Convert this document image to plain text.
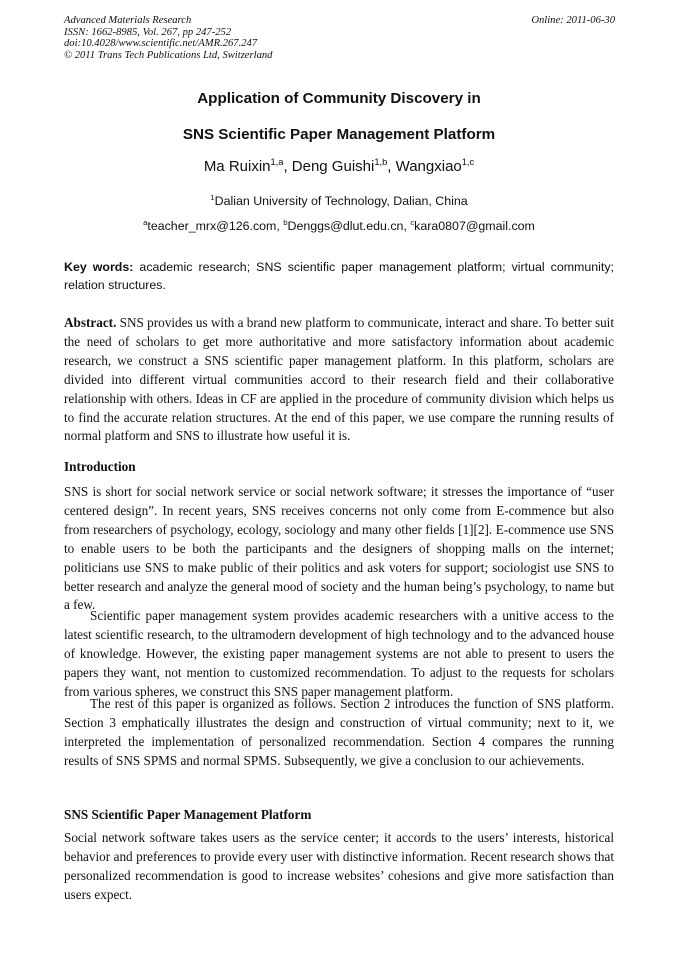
Advanced Materials Research
ISSN: 1662-8985, Vol. 267, pp 247-252
doi:10.4028/www.scientific.net/AMR.267.247
© 2011 Trans Tech Publications Ltd, Switzerland
Online: 2011-06-30
Application of Community Discovery in
SNS Scientific Paper Management Platform
Ma Ruixin$^{1,a}$, Deng Guishi$^{1,b}$, Wangxiao$^{1,c}$
$^1$Dalian University of Technology, Dalian, China
$^a$teacher_mrx@126.com, $^b$Denggs@dlut.edu.cn, $^c$kara0807@gmail.com
Key words: academic research; SNS scientific paper management platform; virtual community; relation structures.

Abstract. SNS provides us with a brand new platform to communicate, interact and share. To better suit the need of scholars to get more authoritative and more satisfactory information about academic research, we construct a SNS scientific paper management platform. In this platform, scholars are divided into different virtual communities accord to their research field and their collaborative relationship with others. Ideas in CF are applied in the procedure of community division which helps us to find the accurate relation structures. At the end of this paper, we use compare the running results of normal platform and SNS to illustrate how useful it is.

Introduction

SNS is short for social network service or social network software; it stresses the importance of “user centered design”. In recent years, SNS receives concerns not only come from E-commence but also from researchers of psychology, ecology, sociology and many other fields [1][2]. E-commence use SNS to enable users to be both the participants and the designers of shopping malls on the internet; politicians use SNS to make public of their politics and ask voters for support; sociologist use SNS to better research and analyze the general mood of society and the human being’s psychology, to name but a few.

Scientific paper management system provides academic researchers with a unitive access to the latest scientific research, to the ultramodern development of high technology and to the advanced house of knowledge. However, the existing paper management systems are not able to present to users the papers they want, not mention to customized recommendation. To adjust to the requests for scholars from various spheres, we construct this SNS paper management platform.

The rest of this paper is organized as follows. Section 2 introduces the function of SNS platform. Section 3 emphatically illustrates the design and construction of virtual community; next to it, we interpreted the implementation of personalized recommendation. Section 4 compares the running results of SNS SPMS and normal SPMS. Subsequently, we give a conclusion to our achievements.

SNS Scientific Paper Management Platform

Social network software takes users as the service center; it accords to the users’ interests, historical behavior and preferences to provide every user with distinctive information. Recent research shows that personalized recommendation is good to increase websites’ cohesions and give more satisfaction than users expect.
